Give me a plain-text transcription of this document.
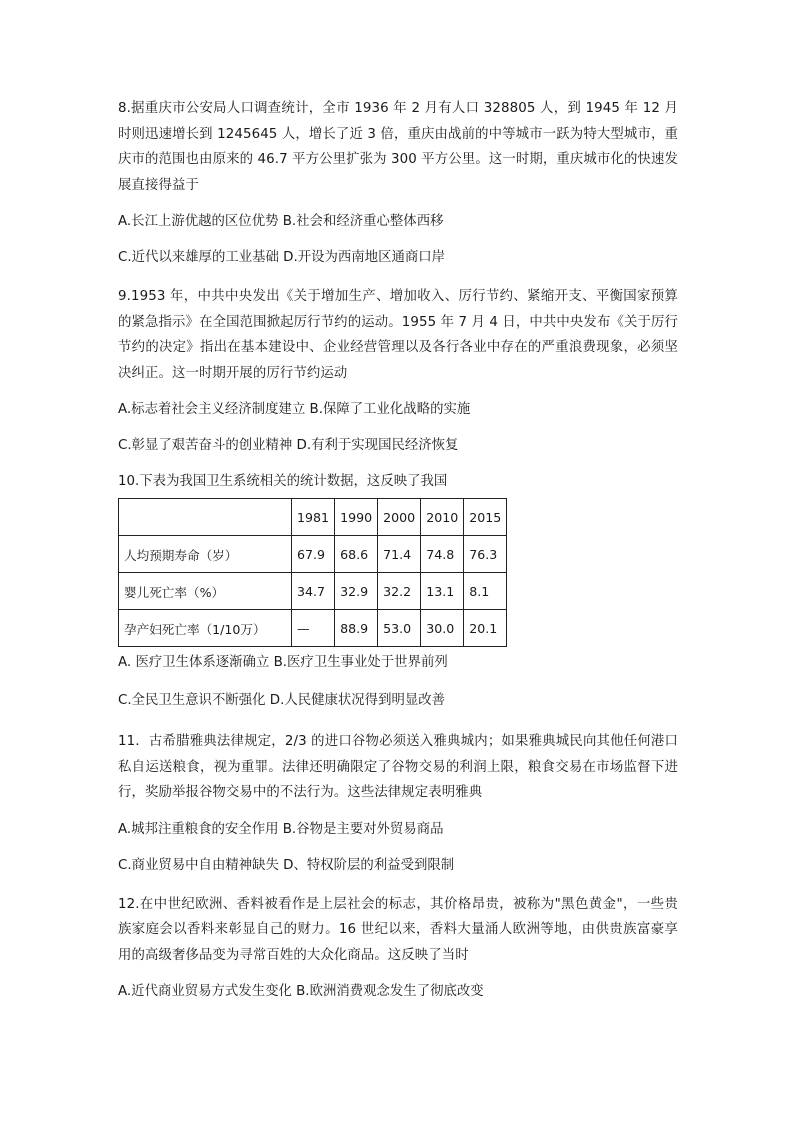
8.据重庆市公安局人口调查统计，全市 1936 年 2 月有人口 328805 人，到 1945 年 12 月时则迅速增长到 1245645 人，增长了近 3 倍，重庆由战前的中等城市一跃为特大型城市，重庆市的范围也由原来的 46.7 平方公里扩张为 300 平方公里。这一时期，重庆城市化的快速发展直接得益于

A.长江上游优越的区位优势 B.社会和经济重心整体西移

C.近代以来雄厚的工业基础 D.开设为西南地区通商口岸

9.1953 年，中共中央发出《关于增加生产、增加收入、厉行节约、紧缩开支、平衡国家预算的紧急指示》在全国范围掀起厉行节约的运动。1955 年 7 月 4 日，中共中央发布《关于厉行节约的决定》指出在基本建设中、企业经营管理以及各行各业中存在的严重浪费现象，必须坚决纠正。这一时期开展的厉行节约运动

A.标志着社会主义经济制度建立 B.保障了工业化战略的实施

C.彰显了艰苦奋斗的创业精神 D.有利于实现国民经济恢复

10.下表为我国卫生系统相关的统计数据，这反映了我国

	1981	1990	2000	2010	2015
人均预期寿命（岁）	67.9	68.6	71.4	74.8	76.3
婴儿死亡率（%）	34.7	32.9	32.2	13.1	8.1
孕产妇死亡率（1/10万）	—	88.9	53.0	30.0	20.1

A. 医疗卫生体系逐渐确立 B.医疗卫生事业处于世界前列

C.全民卫生意识不断强化 D.人民健康状况得到明显改善

11．古希腊雅典法律规定，2/3 的进口谷物必须送入雅典城内；如果雅典城民向其他任何港口私自运送粮食，视为重罪。法律还明确限定了谷物交易的利润上限，粮食交易在市场监督下进行，奖励举报谷物交易中的不法行为。这些法律规定表明雅典

A.城邦注重粮食的安全作用 B.谷物是主要对外贸易商品

C.商业贸易中自由精神缺失 D、特权阶层的利益受到限制

12.在中世纪欧洲、香料被看作是上层社会的标志，其价格昂贵，被称为"黑色黄金"，一些贵族家庭会以香料来彰显自己的财力。16 世纪以来，香料大量涌人欧洲等地，由供贵族富豪享用的高级奢侈品变为寻常百姓的大众化商品。这反映了当时

A.近代商业贸易方式发生变化 B.欧洲消费观念发生了彻底改变
